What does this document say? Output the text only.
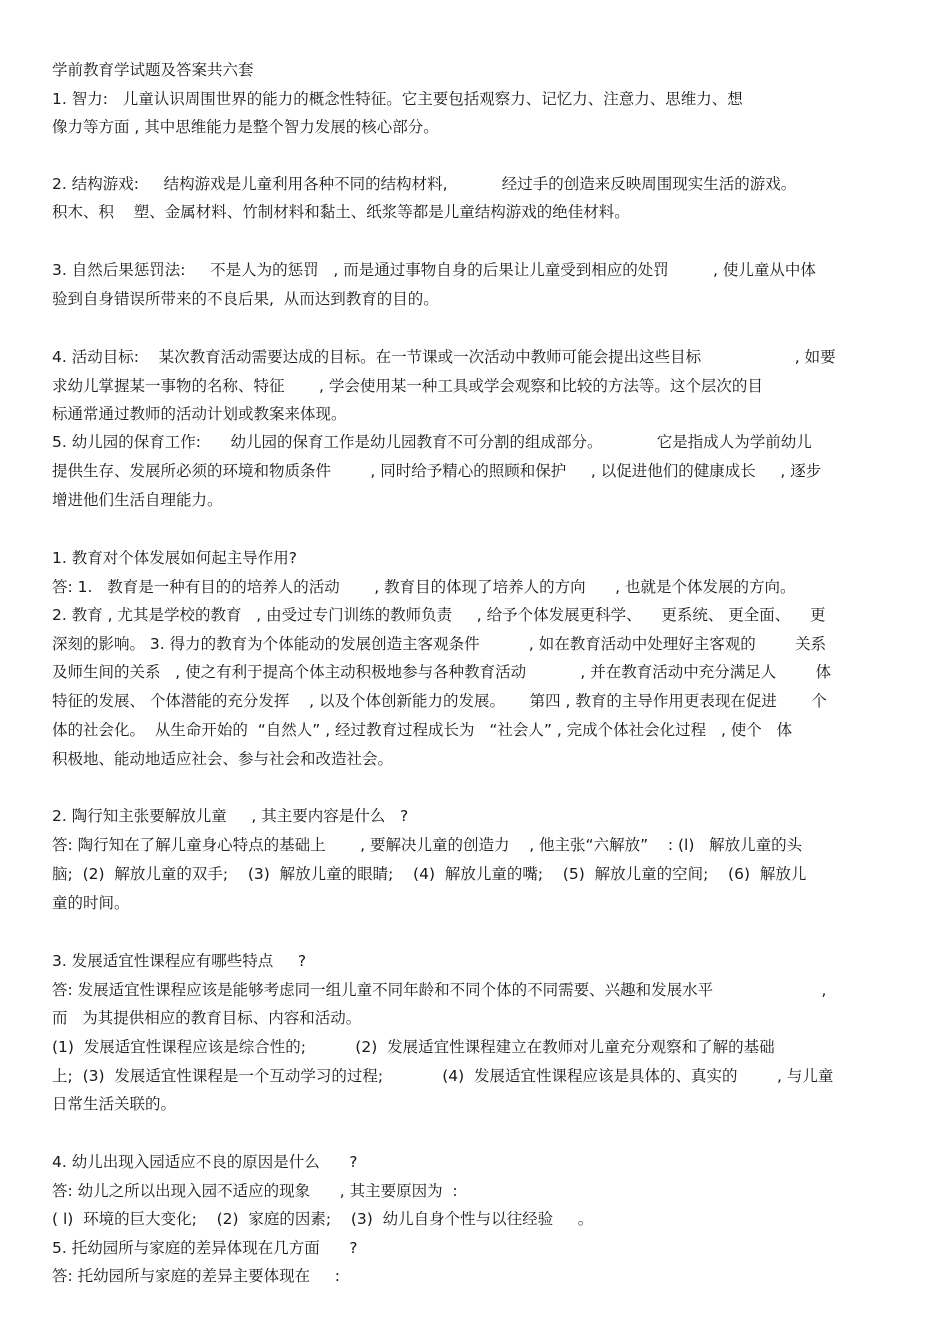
学前教育学试题及答案共六套
1. 智力:   儿童认识周围世界的能力的概念性特征。它主要包括观察力、记忆力、注意力、思维力、想
像力等方面 , 其中思维能力是整个智力发展的核心部分。
2. 结构游戏:     结构游戏是儿童利用各种不同的结构材料,           经过手的创造来反映周围现实生活的游戏。
积木、积    塑、金属材料、竹制材料和黏土、纸浆等都是儿童结构游戏的绝佳材料。
3. 自然后果惩罚法:     不是人为的惩罚   , 而是通过事物自身的后果让儿童受到相应的处罚         , 使儿童从中体
验到自身错误所带来的不良后果,  从而达到教育的目的。
4. 活动目标:    某次教育活动需要达成的目标。在一节课或一次活动中教师可能会提出这些目标                   , 如要
求幼儿掌握某一事物的名称、特征       , 学会使用某一种工具或学会观察和比较的方法等。这个层次的目
标通常通过教师的活动计划或教案来体现。
5. 幼儿园的保育工作:      幼儿园的保育工作是幼儿园教育不可分割的组成部分。           它是指成人为学前幼儿
提供生存、发展所必须的环境和物质条件        , 同时给予精心的照顾和保护     , 以促进他们的健康成长     , 逐步
增进他们生活自理能力。
1. 教育对个体发展如何起主导作用?
答: 1.   教育是一种有目的的培养人的活动       , 教育目的体现了培养人的方向      , 也就是个体发展的方向。
2. 教育 , 尤其是学校的教育   , 由受过专门训练的教师负责     , 给予个体发展更科学、    更系统、 更全面、    更
深刻的影响。 3. 得力的教育为个体能动的发展创造主客观条件          , 如在教育活动中处理好主客观的        关系
及师生间的关系   , 使之有利于提高个体主动积极地参与各种教育活动           , 并在教育活动中充分满足人        体
特征的发展、 个体潜能的充分发挥    , 以及个体创新能力的发展。     第四 , 教育的主导作用更表现在促进       个
体的社会化。  从生命开始的  “自然人” , 经过教育过程成长为   “社会人” , 完成个体社会化过程   , 使个   体
积极地、能动地适应社会、参与社会和改造社会。
2. 陶行知主张要解放儿童     , 其主要内容是什么   ?
答: 陶行知在了解儿童身心特点的基础上       , 要解决儿童的创造力    , 他主张“六解放”    : (l)   解放儿童的头
脑;  (2)  解放儿童的双手;    (3)  解放儿童的眼睛;    (4)  解放儿童的嘴;    (5)  解放儿童的空间;    (6)  解放儿
童的时间。
3. 发展适宜性课程应有哪些特点     ?
答: 发展适宜性课程应该是能够考虑同一组儿童不同年龄和不同个体的不同需要、兴趣和发展水平                      ,
而   为其提供相应的教育目标、内容和活动。
(1)  发展适宜性课程应该是综合性的;          (2)  发展适宜性课程建立在教师对儿童充分观察和了解的基础
上;  (3)  发展适宜性课程是一个互动学习的过程;            (4)  发展适宜性课程应该是具体的、真实的        , 与儿童
日常生活关联的。
4. 幼儿出现入园适应不良的原因是什么      ?
答: 幼儿之所以出现入园不适应的现象      , 其主要原因为  :
( l)  环境的巨大变化;    (2)  家庭的因素;    (3)  幼儿自身个性与以往经验     。
5. 托幼园所与家庭的差异体现在几方面      ?
答: 托幼园所与家庭的差异主要体现在     :
